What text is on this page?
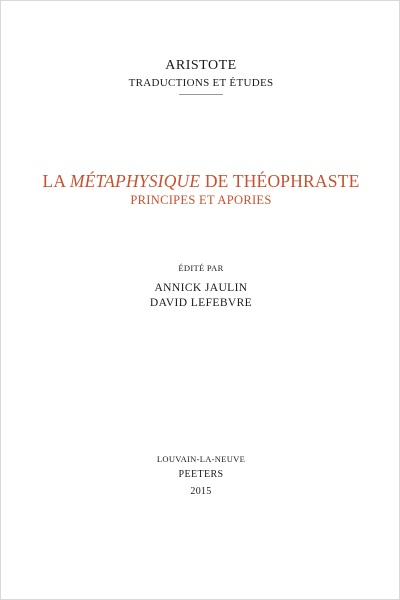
ARISTOTE
TRADUCTIONS ET ÉTUDES
LA MÉTAPHYSIQUE DE THÉOPHRASTE
PRINCIPES ET APORIES
ÉDITÉ PAR
ANNICK JAULIN
DAVID LEFEBVRE
LOUVAIN-LA-NEUVE
PEETERS
2015
